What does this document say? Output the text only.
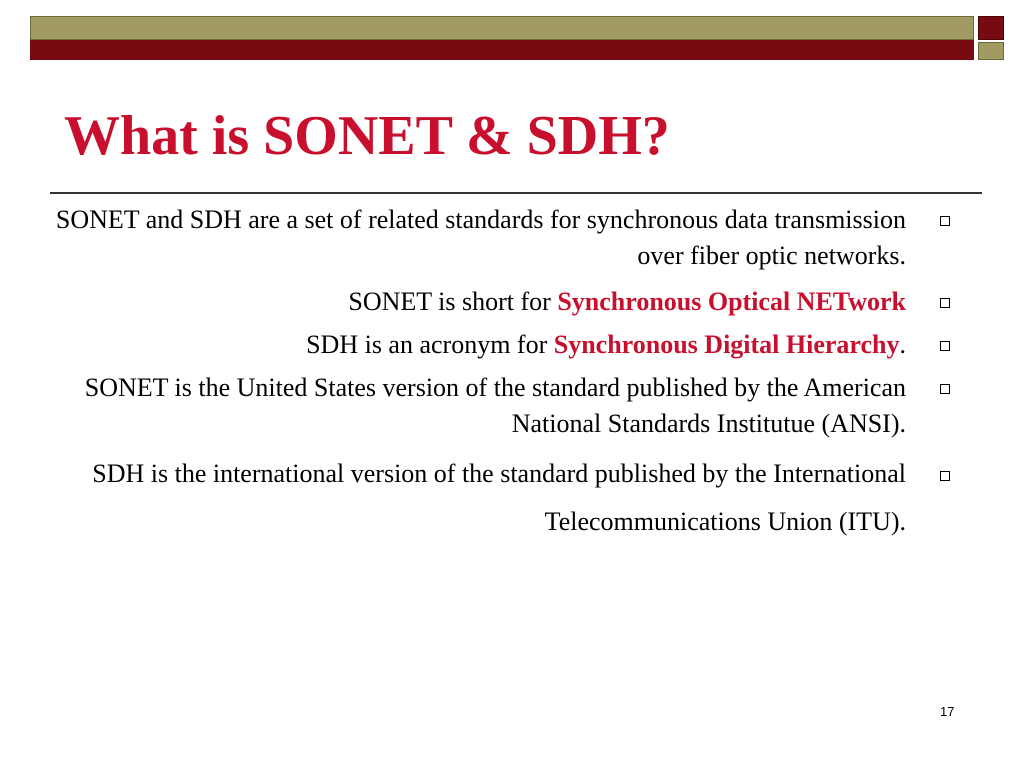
What is SONET & SDH?
SONET and SDH are a set of related standards for synchronous data transmission over fiber optic networks.
SONET is short for Synchronous Optical NETwork
SDH is an acronym for Synchronous Digital Hierarchy.
SONET is the United States version of the standard published by the American National Standards Institutue (ANSI).
SDH is the international version of the standard published by the International Telecommunications Union (ITU).
17
